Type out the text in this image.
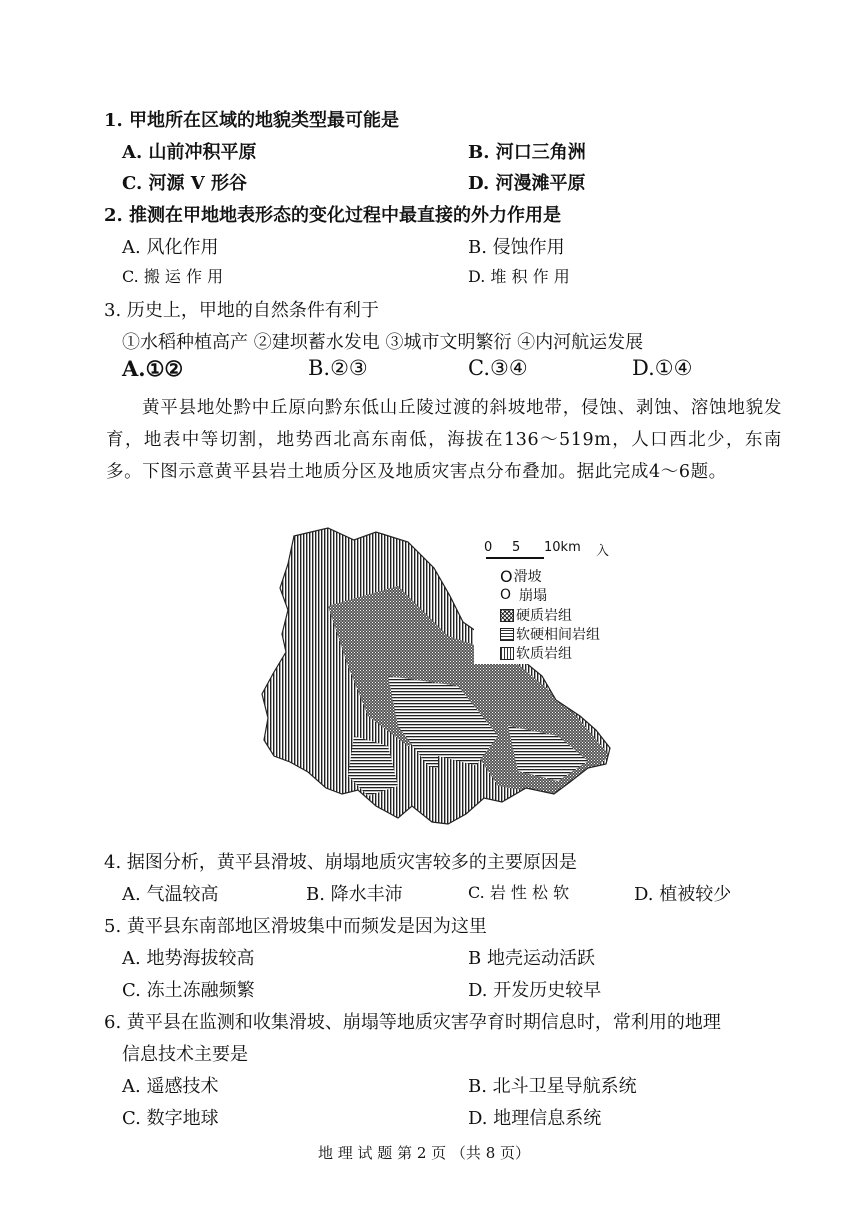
1. 甲地所在区域的地貌类型最可能是
A. 山前冲积平原	B. 河口三角洲
C. 河源 V 形谷	D. 河漫滩平原
2. 推测在甲地地表形态的变化过程中最直接的外力作用是
A. 风化作用	B. 侵蚀作用
C. 搬 运 作 用	D. 堆 积 作 用
3. 历史上，甲地的自然条件有利于
①水稻种植高产 ②建坝蓄水发电 ③城市文明繁衍 ④内河航运发展
A.①②	B.②③	C.③④	D.①④
黄平县地处黔中丘原向黔东低山丘陵过渡的斜坡地带，侵蚀、剥蚀、溶蚀地貌发育，地表中等切割，地势西北高东南低，海拔在136～519m，人口西北少，东南多。下图示意黄平县岩土地质分区及地质灾害点分布叠加。据此完成4～6题。
0 5 10km 入
O 滑坡
O 崩塌
硬质岩组
软硬相间岩组
软质岩组
4. 据图分析，黄平县滑坡、崩塌地质灾害较多的主要原因是
A. 气温较高	B. 降水丰沛	C. 岩 性 松 软	D. 植被较少
5. 黄平县东南部地区滑坡集中而频发是因为这里
A. 地势海拔较高	B 地壳运动活跃
C. 冻土冻融频繁	D. 开发历史较早
6. 黄平县在监测和收集滑坡、崩塌等地质灾害孕育时期信息时，常利用的地理
信息技术主要是
A. 遥感技术	B. 北斗卫星导航系统
C. 数字地球	D. 地理信息系统
地 理 试 题 第 2 页 （共 8 页）
